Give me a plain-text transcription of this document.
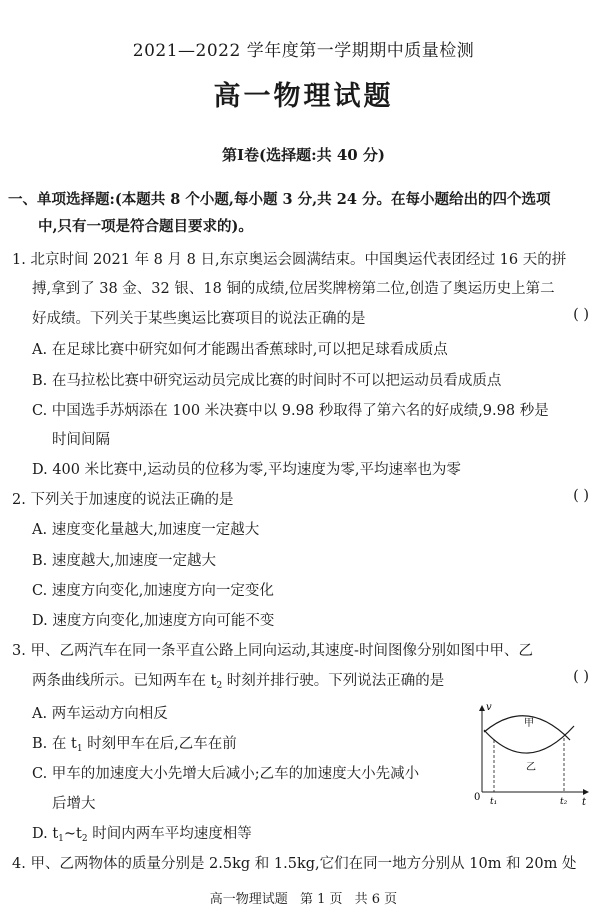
2021—2022 学年度第一学期期中质量检测
高一物理试题
第Ⅰ卷(选择题:共 40 分)
一、单项选择题:(本题共 8 个小题,每小题 3 分,共 24 分。在每小题给出的四个选项
中,只有一项是符合题目要求的)。
1. 北京时间 2021 年 8 月 8 日,东京奥运会圆满结束。中国奥运代表团经过 16 天的拼
搏,拿到了 38 金、32 银、18 铜的成绩,位居奖牌榜第二位,创造了奥运历史上第二
好成绩。下列关于某些奥运比赛项目的说法正确的是	( )
A. 在足球比赛中研究如何才能踢出香蕉球时,可以把足球看成质点
B. 在马拉松比赛中研究运动员完成比赛的时间时不可以把运动员看成质点
C. 中国选手苏炳添在 100 米决赛中以 9.98 秒取得了第六名的好成绩,9.98 秒是
时间间隔
D. 400 米比赛中,运动员的位移为零,平均速度为零,平均速率也为零
2. 下列关于加速度的说法正确的是	( )
A. 速度变化量越大,加速度一定越大
B. 速度越大,加速度一定越大
C. 速度方向变化,加速度方向一定变化
D. 速度方向变化,加速度方向可能不变
3. 甲、乙两汽车在同一条平直公路上同向运动,其速度-时间图像分别如图中甲、乙
两条曲线所示。已知两车在 $t_2$ 时刻并排行驶。下列说法正确的是	( )
A. 两车运动方向相反
B. 在 $t_1$ 时刻甲车在后,乙车在前
C. 甲车的加速度大小先增大后减小;乙车的加速度大小先减小
后增大
D. $t_1\sim t_2$ 时间内两车平均速度相等
v
t
0
甲
乙
t₁	t₂
4. 甲、乙两物体的质量分别是 2.5kg 和 1.5kg,它们在同一地方分别从 10m 和 20m 处
高一物理试题 第 1 页 共 6 页
